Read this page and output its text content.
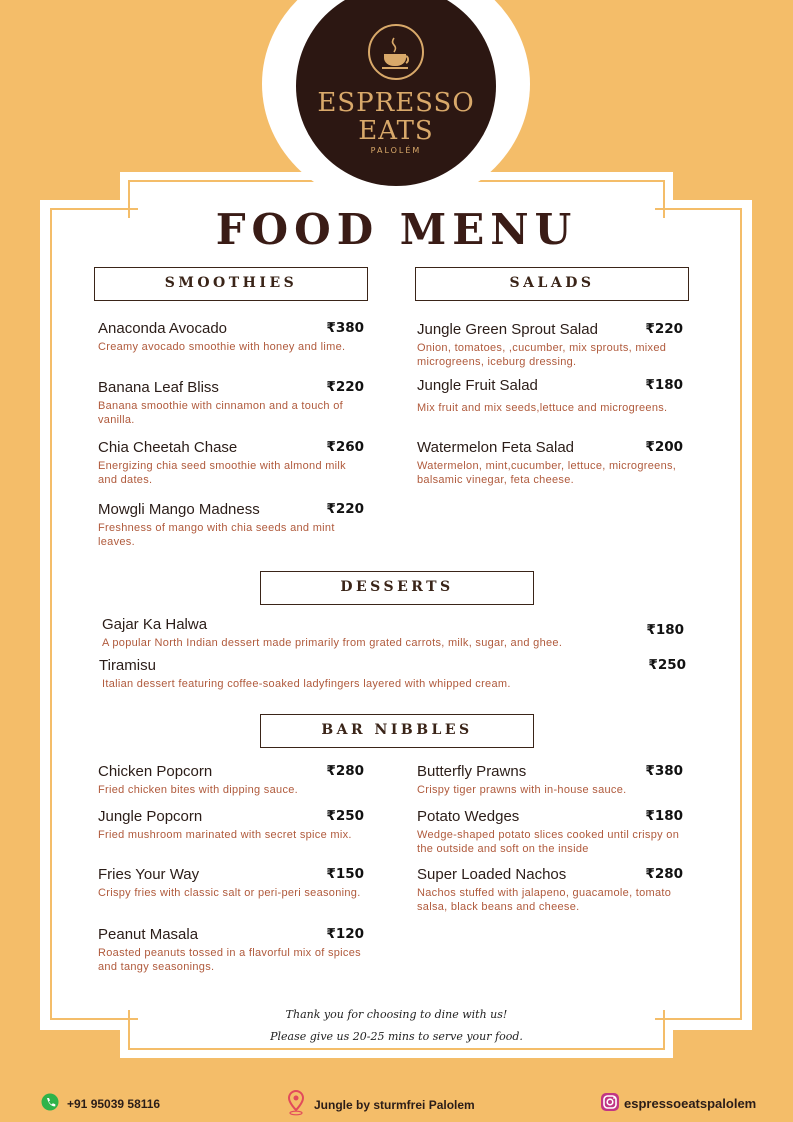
ESPRESSO
EATS
PALOLÉM
FOOD MENU
SMOOTHIES	SALADS
DESSERTS
BAR NIBBLES
Anaconda Avocado	₹380
Creamy avocado smoothie with honey and lime.
Banana Leaf Bliss	₹220
Banana smoothie with cinnamon and a touch of vanilla.
Chia Cheetah Chase	₹260
Energizing chia seed smoothie with almond milk and dates.
Mowgli Mango Madness	₹220
Freshness of mango with chia seeds and mint leaves.
Jungle Green Sprout Salad	₹220
Onion, tomatoes, ,cucumber, mix sprouts, mixed microgreens, iceburg dressing.
Jungle Fruit Salad	₹180
Mix fruit and mix seeds,lettuce and microgreens.
Watermelon Feta Salad	₹200
Watermelon, mint,cucumber, lettuce, microgreens, balsamic vinegar, feta cheese.
Gajar Ka Halwa	₹180
A popular North Indian dessert made primarily from grated carrots, milk, sugar, and ghee.
Tiramisu	₹250
Italian dessert featuring coffee-soaked ladyfingers layered with whipped cream.
Chicken Popcorn	₹280
Fried chicken bites with dipping sauce.
Jungle Popcorn	₹250
Fried mushroom marinated with secret spice mix.
Fries Your Way	₹150
Crispy fries with classic salt or peri-peri seasoning.
Peanut Masala	₹120
Roasted peanuts tossed in a flavorful mix of spices and tangy seasonings.
Butterfly Prawns	₹380
Crispy tiger prawns with in-house sauce.
Potato Wedges	₹180
Wedge-shaped potato slices cooked until crispy on the outside and soft on the inside
Super Loaded Nachos	₹280
Nachos stuffed with jalapeno, guacamole, tomato salsa, black beans and cheese.
Thank you for choosing to dine with us!
Please give us 20-25 mins to serve your food.
+91 95039 58116	Jungle by sturmfrei Palolem	espressoeatspalolem
